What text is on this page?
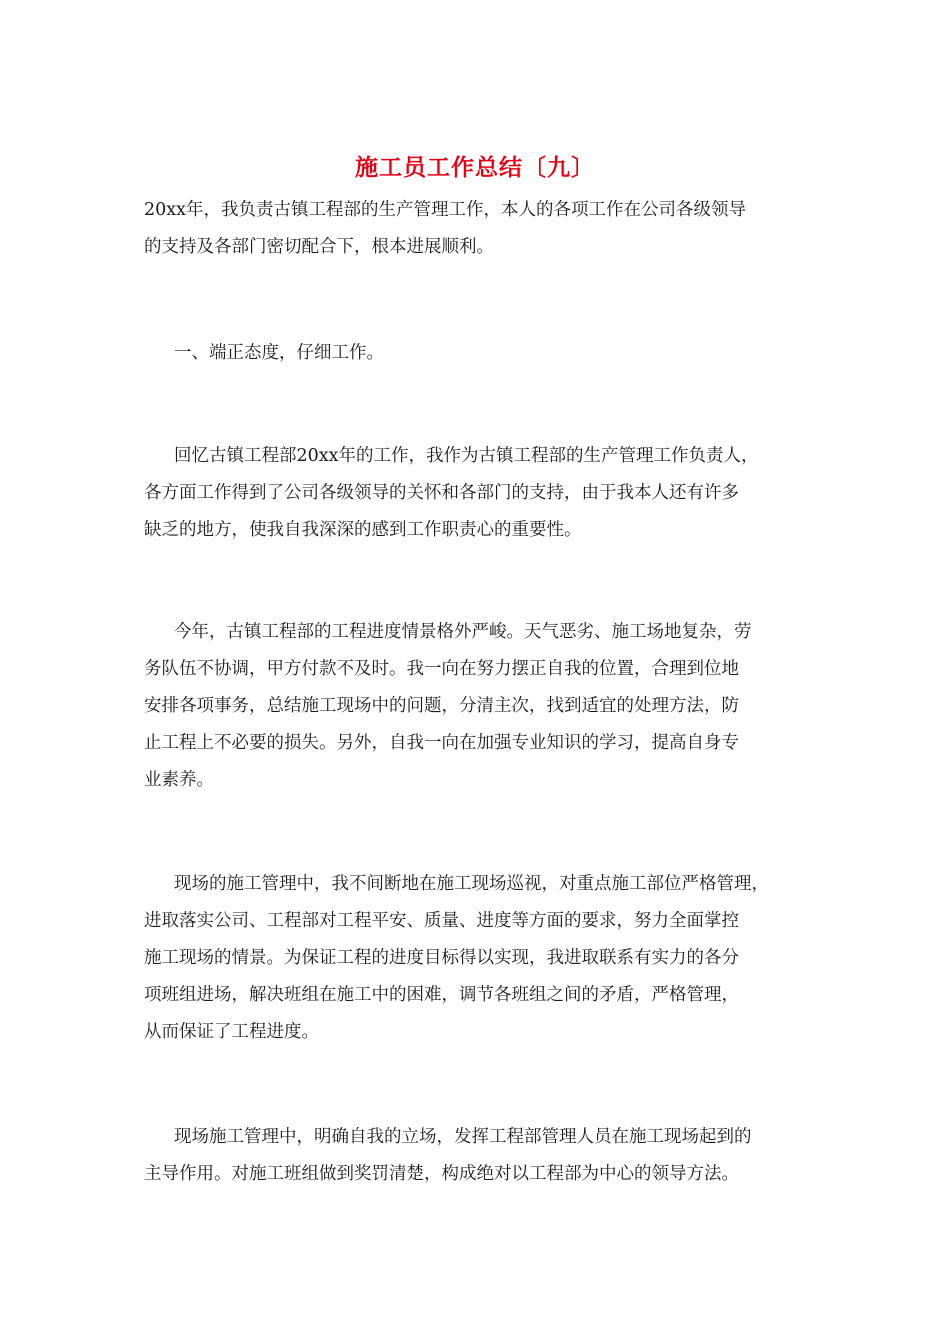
施工员工作总结〔九〕
20xx年，我负责古镇工程部的生产管理工作，本人的各项工作在公司各级领导
的支持及各部门密切配合下，根本进展顺利。
一、端正态度，仔细工作。
回忆古镇工程部20xx年的工作，我作为古镇工程部的生产管理工作负责人，
各方面工作得到了公司各级领导的关怀和各部门的支持，由于我本人还有许多
缺乏的地方，使我自我深深的感到工作职责心的重要性。
今年，古镇工程部的工程进度情景格外严峻。天气恶劣、施工场地复杂，劳
务队伍不协调，甲方付款不及时。我一向在努力摆正自我的位置，合理到位地
安排各项事务，总结施工现场中的问题，分清主次，找到适宜的处理方法，防
止工程上不必要的损失。另外，自我一向在加强专业知识的学习，提高自身专
业素养。
现场的施工管理中，我不间断地在施工现场巡视，对重点施工部位严格管理，
进取落实公司、工程部对工程平安、质量、进度等方面的要求，努力全面掌控
施工现场的情景。为保证工程的进度目标得以实现，我进取联系有实力的各分
项班组进场，解决班组在施工中的困难，调节各班组之间的矛盾，严格管理，
从而保证了工程进度。
现场施工管理中，明确自我的立场，发挥工程部管理人员在施工现场起到的
主导作用。对施工班组做到奖罚清楚，构成绝对以工程部为中心的领导方法。
